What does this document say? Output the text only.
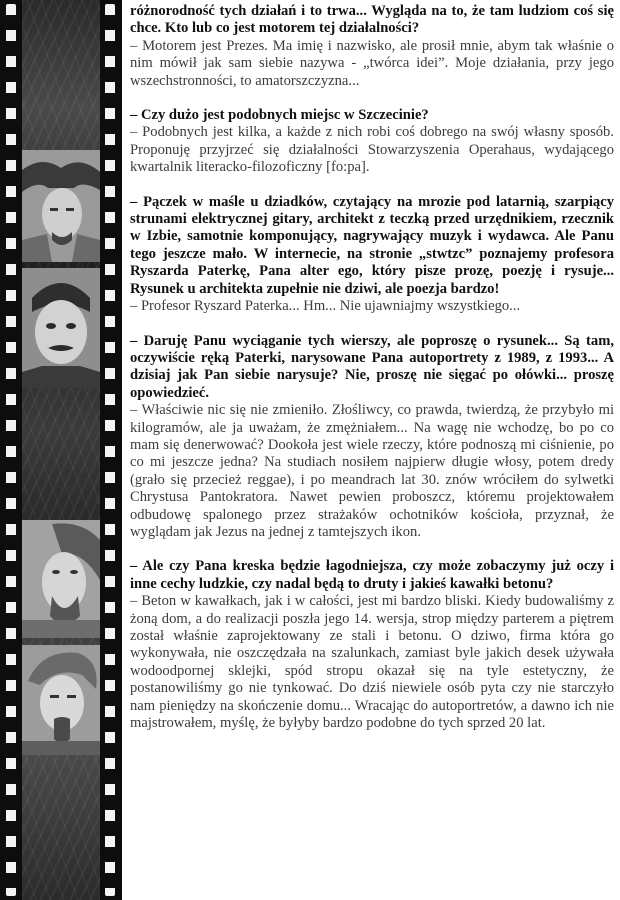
różnorodność tych działań i to trwa... Wygląda na to, że tam ludziom coś się chce. Kto lub co jest motorem tej działalności?

– Motorem jest Prezes. Ma imię i nazwisko, ale prosił mnie, abym tak właśnie o nim mówił jak sam siebie nazywa - „twórca idei”. Moje działania, przy jego wszechstronności, to amatorszczyzna...

– Czy dużo jest podobnych miejsc w Szczecinie?

– Podobnych jest kilka, a każde z nich robi coś dobrego na swój własny sposób. Proponuję przyjrzeć się działalności Stowarzyszenia Operahaus, wydającego kwartalnik literacko-filozoficzny [fo:pa].

– Pączek w maśle u dziadków, czytający na mrozie pod latarnią, szarpiący strunami elektrycznej gitary, architekt z teczką przed urzędnikiem, rzecznik w Izbie, samotnie komponujący, nagrywający muzyk i wydawca. Ale Panu tego jeszcze mało. W internecie, na stronie „stwtzc” poznajemy profesora Ryszarda Paterkę, Pana alter ego, który pisze prozę, poezję i rysuje... Rysunek u architekta zupełnie nie dziwi, ale poezja bardzo!

– Profesor Ryszard Paterka... Hm... Nie ujawniajmy wszystkiego...

– Daruję Panu wyciąganie tych wierszy, ale poproszę o rysunek... Są tam, oczywiście ręką Paterki, narysowane Pana autoportrety z 1989, z 1993... A dzisiaj jak Pan siebie narysuje? Nie, proszę nie sięgać po ołówki... proszę opowiedzieć.

– Właściwie nic się nie zmieniło. Złośliwcy, co prawda, twierdzą, że przybyło mi kilogramów, ale ja uważam, że zmężniałem... Na wagę nie wchodzę, bo po co mam się denerwować? Dookoła jest wiele rzeczy, które podnoszą mi ciśnienie, po co mi jeszcze jedna? Na studiach nosiłem najpierw długie włosy, potem dredy (grało się przecież reggae), i po meandrach lat 30. znów wróciłem do sylwetki Chrystusa Pantokratora. Nawet pewien proboszcz, któremu projektowałem odbudowę spalonego przez strażaków ochotników kościoła, przyznał, że wyglądam jak Jezus na jednej z tamtejszych ikon.

– Ale czy Pana kreska będzie łagodniejsza, czy może zobaczymy już oczy i inne cechy ludzkie, czy nadal będą to druty i jakieś kawałki betonu?

– Beton w kawałkach, jak i w całości, jest mi bardzo bliski. Kiedy budowaliśmy z żoną dom, a do realizacji poszła jego 14. wersja, strop między parterem a piętrem został właśnie zaprojektowany ze stali i betonu. O dziwo, firma która go wykonywała, nie oszczędzała na szalunkach, zamiast byle jakich desek używała wodoodpornej sklejki, spód stropu okazał się na tyle estetyczny, że postanowiliśmy go nie tynkować. Do dziś niewiele osób pyta czy nie starczyło nam pieniędzy na skończenie domu... Wracając do autoportretów, a dawno ich nie majstrowałem, myślę, że byłyby bardzo podobne do tych sprzed 20 lat.
